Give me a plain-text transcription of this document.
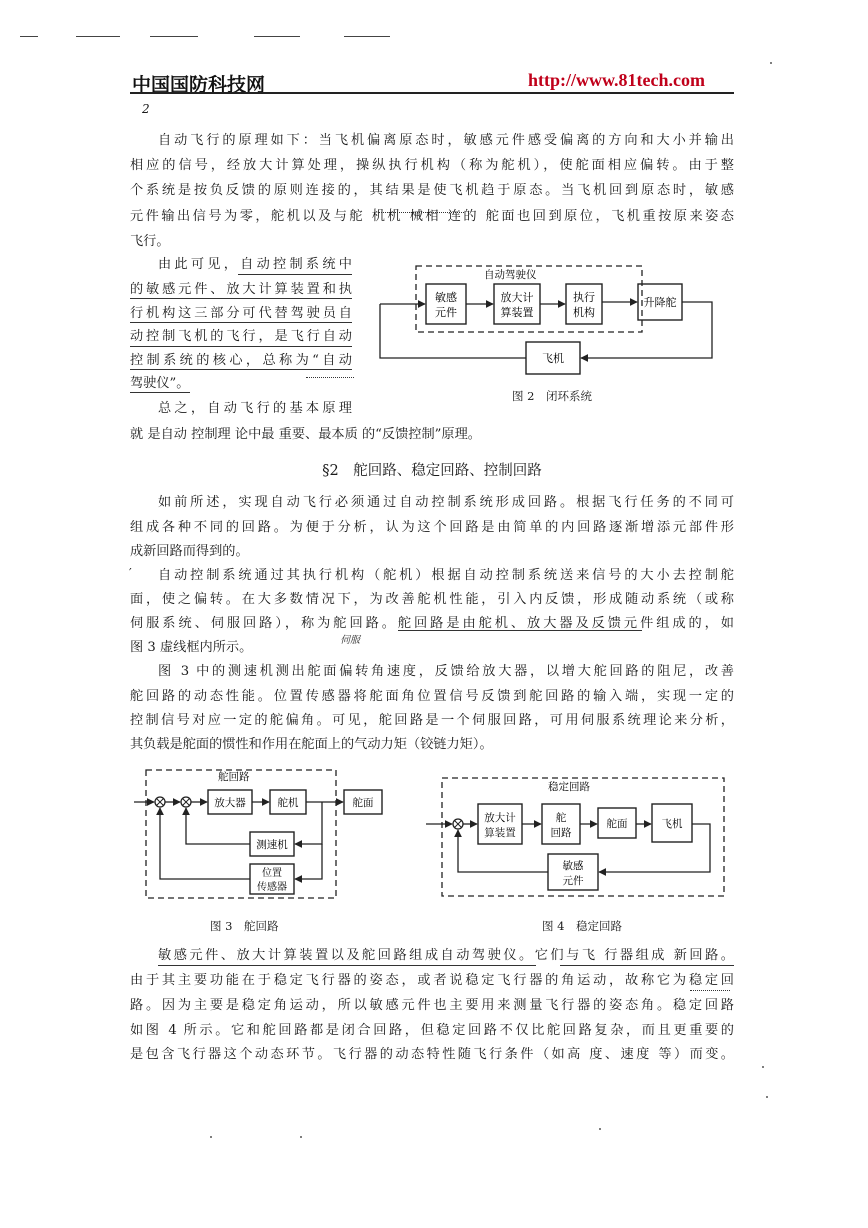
中国国防科技网	http://www.81tech.com
2
自动飞行的原理如下：当飞机偏离原态时，敏感元件感受偏离的方向和大小并输出
相应的信号，经放大计算处理，操纵执行机构（称为舵机），使舵面相应偏转。由于整
个系统是按负反馈的原则连接的，其结果是使飞机趋于原态。当飞机回到原态时，敏感
元件输出信号为零，舵机以及与舵 机机 械相 连的 舵面也回到原位，飞机重按原来姿态
飞行。
由此可见，自动控制系统中
的敏感元件、放大计算装置和执
行机构这三部分可代替驾驶员自
动控制飞机的飞行，是飞行自动
控制系统的核心，总称为“自动
驾驶仪”。
总之，自动飞行的基本原理
就 是自动 控制理 论中最 重要、最本质 的“反馈控制”原理。
自动驾驶仪
敏感
元件
放大计
算装置
执行
机构
升降舵
飞机
图 2　闭环系统
§2　舵回路、稳定回路、控制回路
如前所述，实现自动飞行必须通过自动控制系统形成回路。根据飞行任务的不同可
组成各种不同的回路。为便于分析，认为这个回路是由简单的内回路逐渐增添元部件形
成新回路而得到的。
′	自动控制系统通过其执行机构（舵机）根据自动控制系统送来信号的大小去控制舵
面，使之偏转。在大多数情况下，为改善舵机性能，引入内反馈，形成随动系统（或称
伺服系统、伺服回路），称为舵回路。舵回路是由舵机、放大器及反馈元件组成的，如
图 3 虚线框内所示。	伺服
图 3 中的测速机测出舵面偏转角速度，反馈给放大器，以增大舵回路的阻尼，改善
舵回路的动态性能。位置传感器将舵面角位置信号反馈到舵回路的输入端，实现一定的
控制信号对应一定的舵偏角。可见，舵回路是一个伺服回路，可用伺服系统理论来分析，
其负载是舵面的惯性和作用在舵面上的气动力矩（铰链力矩）。
舵回路
放大器	舵机	舵面
测速机
位置
传感器
图 3　舵回路
稳定回路
放大计
算装置
舵
回路
舵面	飞机
敏感
元件
图 4　稳定回路
敏感元件、放大计算装置以及舵回路组成自动驾驶仪。它们与飞 行器组成 新回路。
由于其主要功能在于稳定飞行器的姿态，或者说稳定飞行器的角运动，故称它为稳定回
路。因为主要是稳定角运动，所以敏感元件也主要用来测量飞行器的姿态角。稳定回路
如图 4 所示。它和舵回路都是闭合回路，但稳定回路不仅比舵回路复杂，而且更重要的
是包含飞行器这个动态环节。飞行器的动态特性随飞行条件（如高 度、速度 等）而变。
